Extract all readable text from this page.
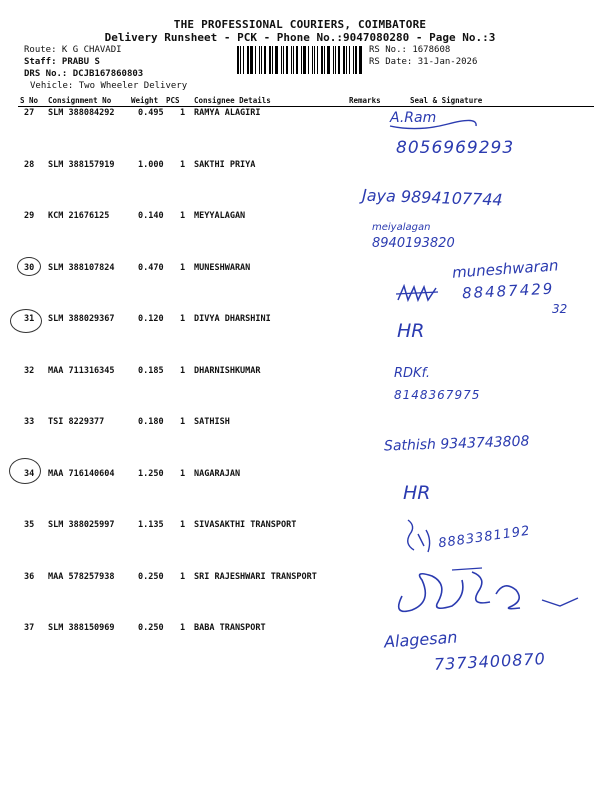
THE PROFESSIONAL COURIERS, COIMBATORE
Delivery Runsheet - PCK - Phone No.:9047080280 - Page No.:3
Route: K G CHAVADI
Staff: PRABU S
DRS No.: DCJB167860803
Vehicle: Two Wheeler Delivery
RS No.: 1678608
RS Date: 31-Jan-2026
S No Consignment No	Weight PCS Consignee Details	Remarks	Seal & Signature
27 SLM 388084292	0.495 1 RAMYA ALAGIRI
28 SLM 388157919	1.000 1 SAKTHI PRIYA
29 KCM 21676125	0.140 1 MEYYALAGAN
30 SLM 388107824	0.470 1 MUNESHWARAN
31 SLM 388029367	0.120 1 DIVYA DHARSHINI
32 MAA 711316345	0.185 1 DHARNISHKUMAR
33 TSI 8229377	0.180 1 SATHISH
34 MAA 716140604	1.250 1 NAGARAJAN
35 SLM 388025997	1.135 1 SIVASAKTHI TRANSPORT
36 MAA 578257938	0.250 1 SRI RAJESHWARI TRANSPORT
37 SLM 388150969	0.250 1 BABA TRANSPORT
A.Ram
8056969293
Jaya 9894107744
meiyalagan
8940193820
muneshwaran
88487429
32
HR
RDKf.
8148367975
Sathish 9343743808
HR
8883381192
Alagesan
7373400870
